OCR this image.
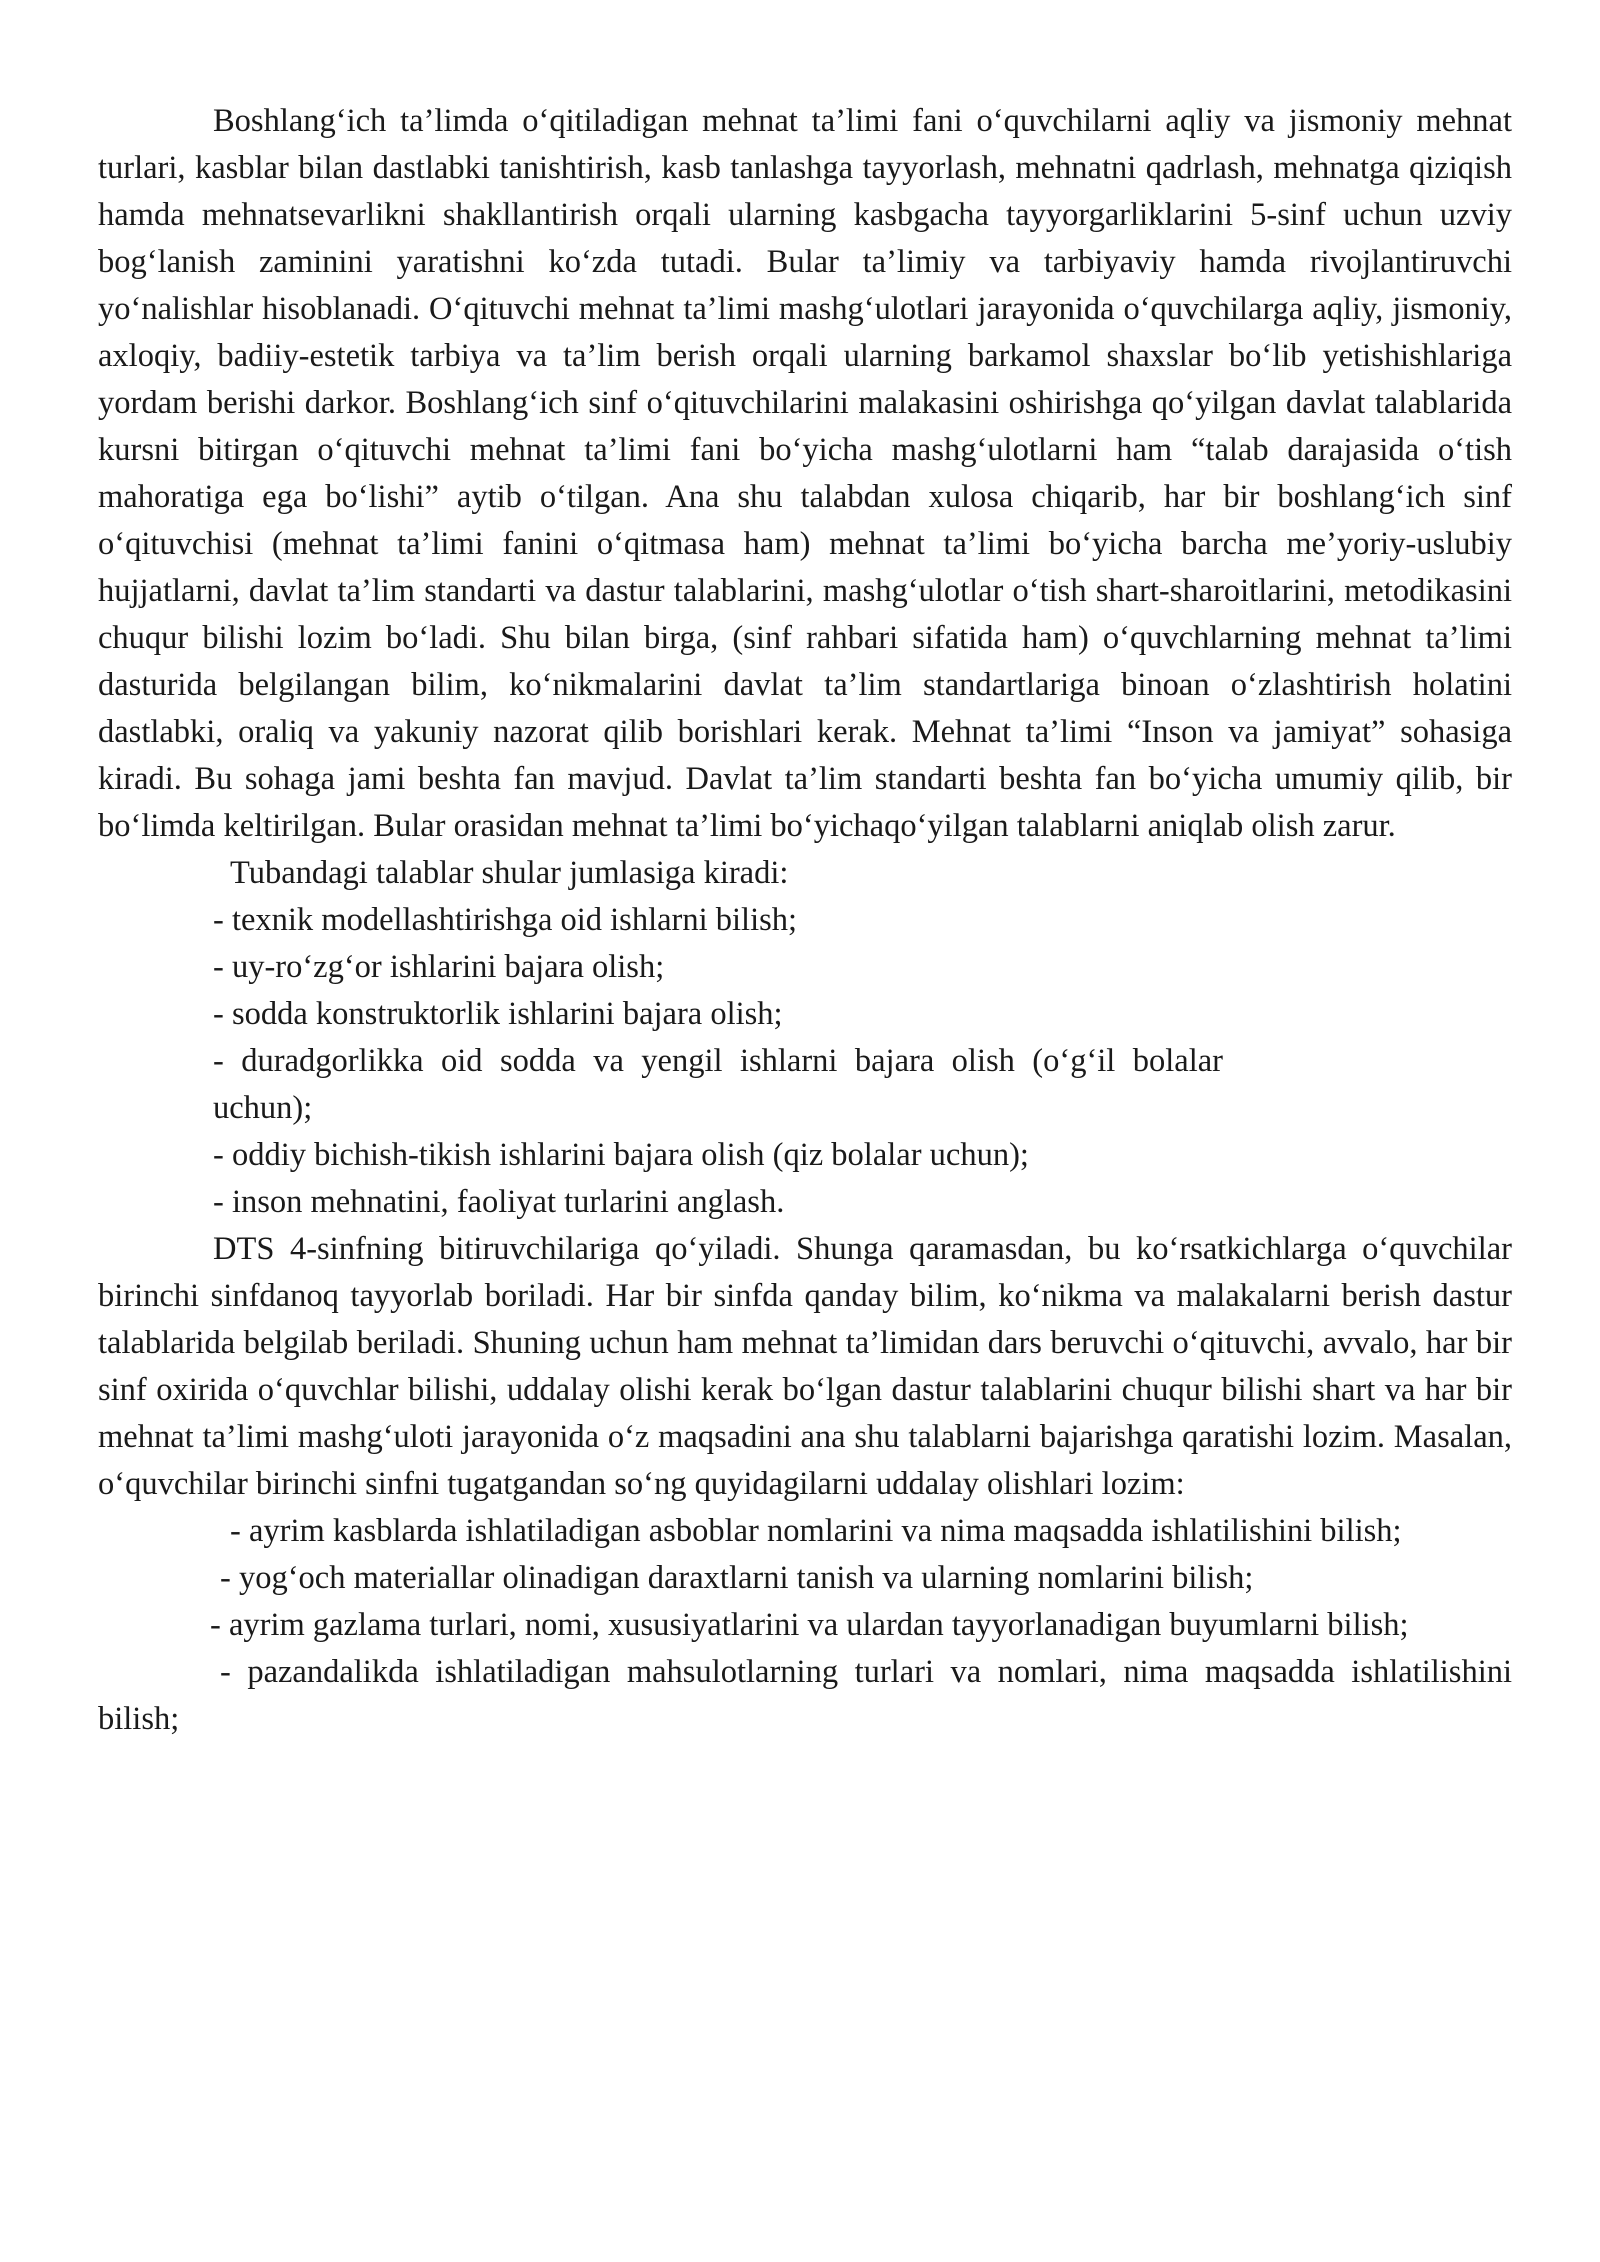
Boshlang‘ich ta’limda o‘qitiladigan mehnat ta’limi fani o‘quvchilarni aqliy va jismoniy mehnat turlari, kasblar bilan dastlabki tanishtirish, kasb tanlashga tayyorlash, mehnatni qadrlash, mehnatga qiziqish hamda mehnatsevarlikni shakllantirish orqali ularning kasbgacha tayyorgarliklarini 5-sinf uchun uzviy bog‘lanish zaminini yaratishni ko‘zda tutadi. Bular ta’limiy va tarbiyaviy hamda rivojlantiruvchi yo‘nalishlar hisoblanadi. O‘qituvchi mehnat ta’limi mashg‘ulotlari jarayonida o‘quvchilarga aqliy, jismoniy, axloqiy, badiiy-estetik tarbiya va ta’lim berish orqali ularning barkamol shaxslar bo‘lib yetishishlariga yordam berishi darkor. Boshlang‘ich sinf o‘qituvchilarini malakasini oshirishga qo‘yilgan davlat talablarida kursni bitirgan o‘qituvchi mehnat ta’limi fani bo‘yicha mashg‘ulotlarni ham “talab darajasida o‘tish mahoratiga ega bo‘lishi” aytib o‘tilgan. Ana shu talabdan xulosa chiqarib, har bir boshlang‘ich sinf o‘qituvchisi (mehnat ta’limi fanini o‘qitmasa ham) mehnat ta’limi bo‘yicha barcha me’yoriy-uslubiy hujjatlarni, davlat ta’lim standarti va dastur talablarini, mashg‘ulotlar o‘tish shart-sharoitlarini, metodikasini chuqur bilishi lozim bo‘ladi. Shu bilan birga, (sinf rahbari sifatida ham) o‘quvchlarning mehnat ta’limi dasturida belgilangan bilim, ko‘nikmalarini davlat ta’lim standartlariga binoan o‘zlashtirish holatini dastlabki, oraliq va yakuniy nazorat qilib borishlari kerak. Mehnat ta’limi “Inson va jamiyat” sohasiga kiradi. Bu sohaga jami beshta fan mavjud. Davlat ta’lim standarti beshta fan bo‘yicha umumiy qilib, bir bo‘limda keltirilgan. Bular orasidan mehnat ta’limi bo‘yichaqo‘yilgan talablarni aniqlab olish zarur.

Tubandagi talablar shular jumlasiga kiradi:

- texnik modellashtirishga oid ishlarni bilish;
- uy-ro‘zg‘or ishlarini bajara olish;
- sodda konstruktorlik ishlarini bajara olish;
- duradgorlikka oid sodda va yengil ishlarni bajara olish (o‘g‘il bolalar uchun);
- oddiy bichish-tikish ishlarini bajara olish (qiz bolalar uchun);
- inson mehnatini, faoliyat turlarini anglash.

DTS 4-sinfning bitiruvchilariga qo‘yiladi. Shunga qaramasdan, bu ko‘rsatkichlarga o‘quvchilar birinchi sinfdanoq tayyorlab boriladi. Har bir sinfda qanday bilim, ko‘nikma va malakalarni berish dastur talablarida belgilab beriladi. Shuning uchun ham mehnat ta’limidan dars beruvchi o‘qituvchi, avvalo, har bir sinf oxirida o‘quvchlar bilishi, uddalay olishi kerak bo‘lgan dastur talablarini chuqur bilishi shart va har bir mehnat ta’limi mashg‘uloti jarayonida o‘z maqsadini ana shu talablarni bajarishga qaratishi lozim. Masalan, o‘quvchilar birinchi sinfni tugatgandan so‘ng quyidagilarni uddalay olishlari lozim:

- ayrim kasblarda ishlatiladigan asboblar nomlarini va nima maqsadda ishlatilishini bilish;
- yog‘och materiallar olinadigan daraxtlarni tanish va ularning nomlarini bilish;
- ayrim gazlama turlari, nomi, xususiyatlarini va ulardan tayyorlanadigan buyumlarni bilish;
- pazandalikda ishlatiladigan mahsulotlarning turlari va nomlari, nima maqsadda ishlatilishini bilish;
